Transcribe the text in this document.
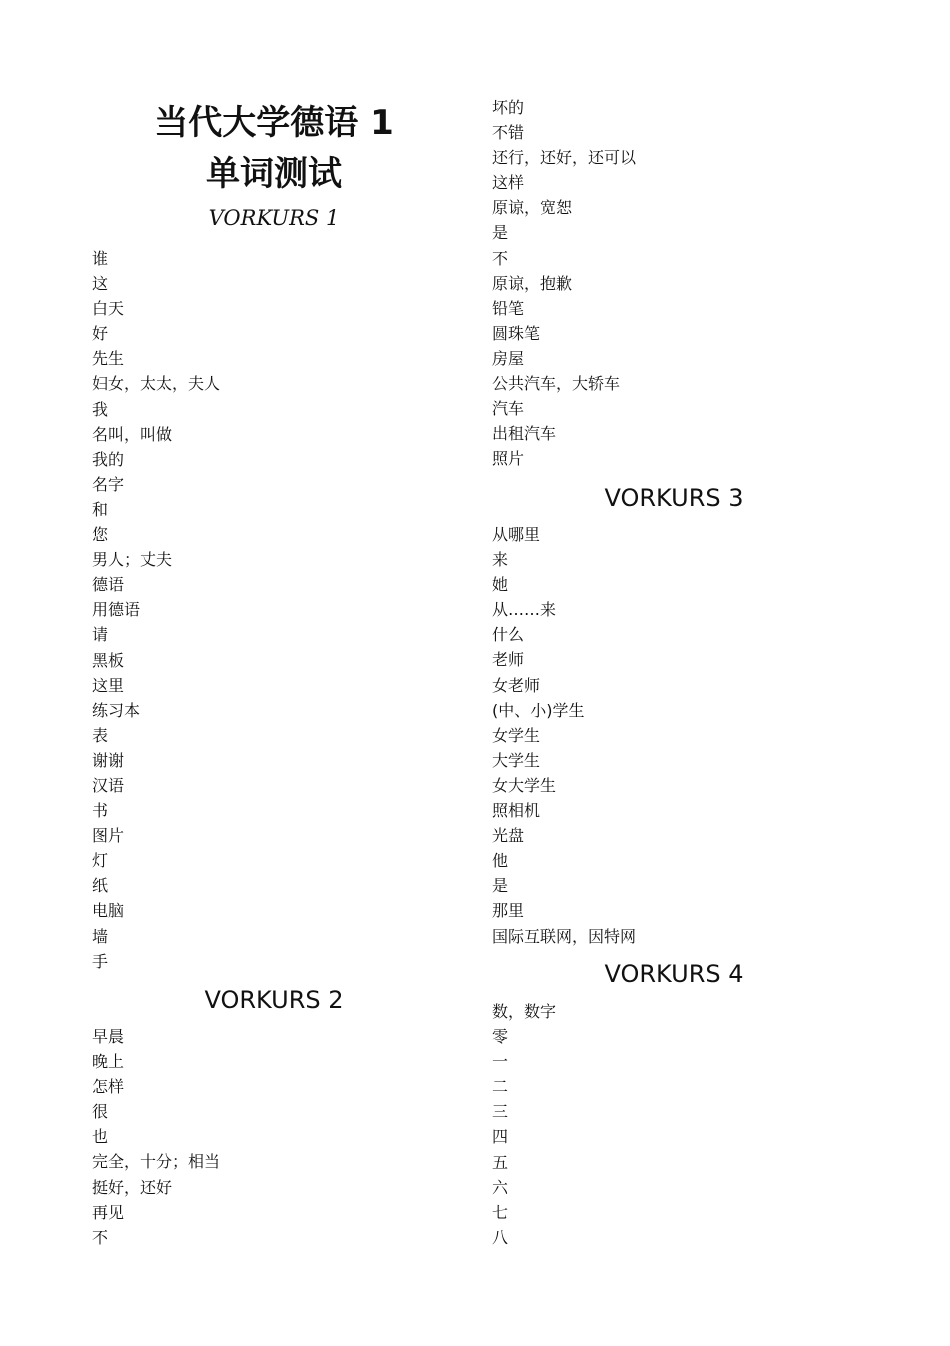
当代大学德语 1
单词测试
VORKURS 1
谁
这
白天
好
先生
妇女，太太，夫人
我
名叫，叫做
我的
名字
和
您
男人；丈夫
德语
用德语
请
黑板
这里
练习本
表
谢谢
汉语
书
图片
灯
纸
电脑
墙
手
VORKURS 2
早晨
晚上
怎样
很
也
完全，十分；相当
挺好，还好
再见
不
坏的
不错
还行，还好，还可以
这样
原谅，宽恕
是
不
原谅，抱歉
铅笔
圆珠笔
房屋
公共汽车，大轿车
汽车
出租汽车
照片
VORKURS 3
从哪里
来
她
从……来
什么
老师
女老师
(中、小)学生
女学生
大学生
女大学生
照相机
光盘
他
是
那里
国际互联网，因特网
VORKURS 4
数，数字
零
一
二
三
四
五
六
七
八
